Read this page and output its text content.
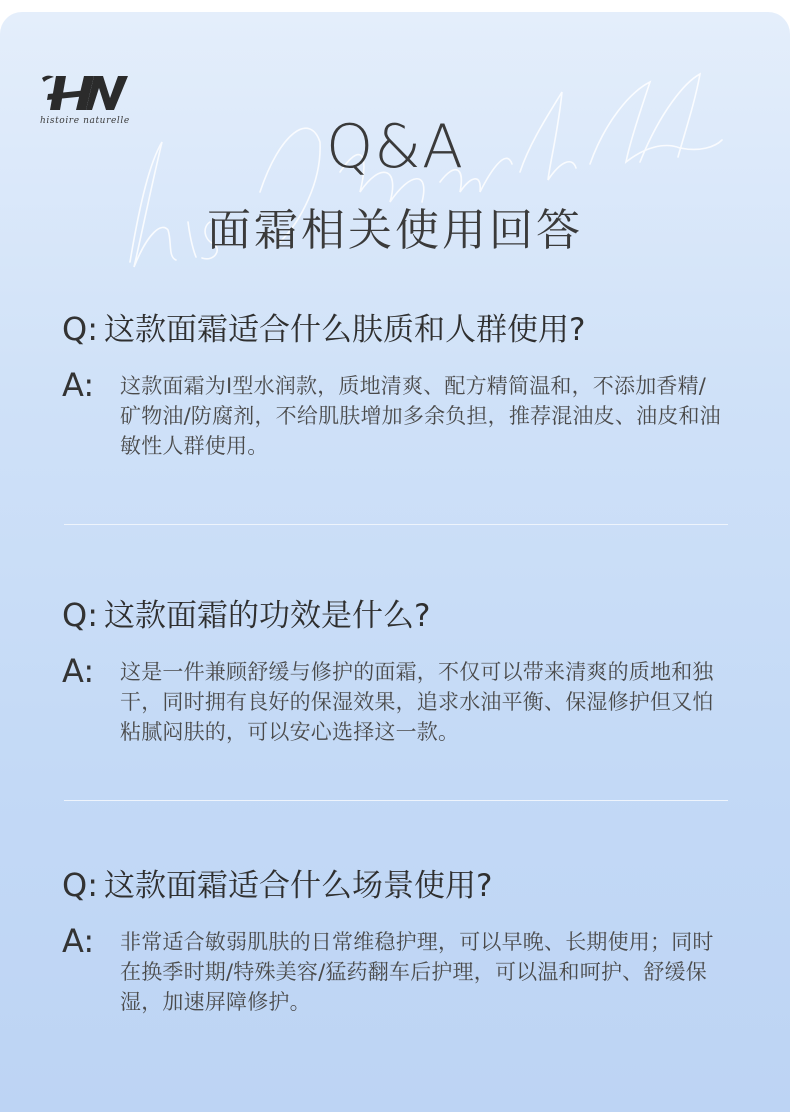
histoire naturelle	Q&A
面霜相关使用回答
Q: 这款面霜适合什么肤质和人群使用?
A:	这款面霜为I型水润款，质地清爽、配方精简温和，不添加香精/矿物油/防腐剂，不给肌肤增加多余负担，推荐混油皮、油皮和油敏性人群使用。
Q: 这款面霜的功效是什么?
A:	这是一件兼顾舒缓与修护的面霜，不仅可以带来清爽的质地和独干，同时拥有良好的保湿效果，追求水油平衡、保湿修护但又怕粘腻闷肤的，可以安心选择这一款。
Q: 这款面霜适合什么场景使用?
A:	非常适合敏弱肌肤的日常维稳护理，可以早晚、长期使用；同时在换季时期/特殊美容/猛药翻车后护理，可以温和呵护、舒缓保湿，加速屏障修护。
